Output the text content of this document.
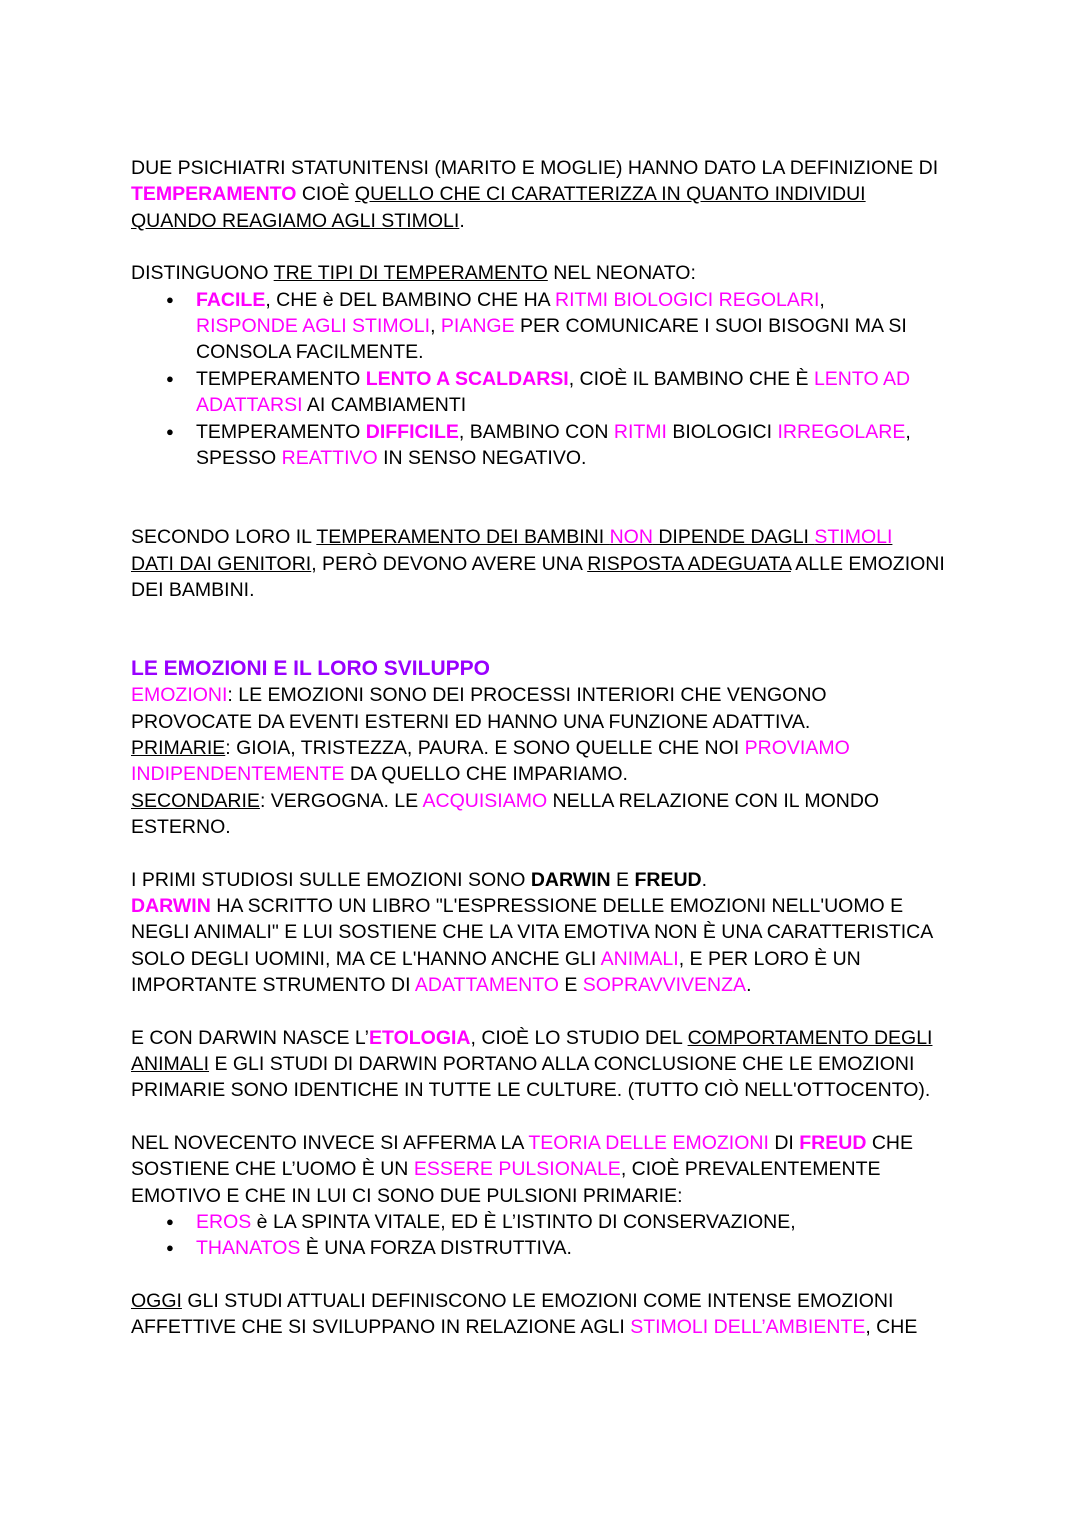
DUE PSICHIATRI STATUNITENSI (MARITO E MOGLIE) HANNO DATO LA DEFINIZIONE DI TEMPERAMENTO CIOÈ QUELLO CHE CI CARATTERIZZA IN QUANTO INDIVIDUI QUANDO REAGIAMO AGLI STIMOLI.

DISTINGUONO TRE TIPI DI TEMPERAMENTO NEL NEONATO:

● FACILE, CHE è DEL BAMBINO CHE HA RITMI BIOLOGICI REGOLARI,
RISPONDE AGLI STIMOLI, PIANGE PER COMUNICARE I SUOI BISOGNI MA SI CONSOLA FACILMENTE.
● TEMPERAMENTO LENTO A SCALDARSI, CIOÈ IL BAMBINO CHE È LENTO AD ADATTARSI AI CAMBIAMENTI
● TEMPERAMENTO DIFFICILE, BAMBINO CON RITMI BIOLOGICI IRREGOLARE, SPESSO REATTIVO IN SENSO NEGATIVO.

SECONDO LORO IL TEMPERAMENTO DEI BAMBINI NON DIPENDE DAGLI STIMOLI
DATI DAI GENITORI, PERÒ DEVONO AVERE UNA RISPOSTA ADEGUATA ALLE EMOZIONI DEI BAMBINI.

LE EMOZIONI E IL LORO SVILUPPO

EMOZIONI: LE EMOZIONI SONO DEI PROCESSI INTERIORI CHE VENGONO PROVOCATE DA EVENTI ESTERNI ED HANNO UNA FUNZIONE ADATTIVA.

PRIMARIE: GIOIA, TRISTEZZA, PAURA. E SONO QUELLE CHE NOI PROVIAMO INDIPENDENTEMENTE DA QUELLO CHE IMPARIAMO.

SECONDARIE: VERGOGNA. LE ACQUISIAMO NELLA RELAZIONE CON IL MONDO ESTERNO.

I PRIMI STUDIOSI SULLE EMOZIONI SONO DARWIN E FREUD.

DARWIN HA SCRITTO UN LIBRO "L'ESPRESSIONE DELLE EMOZIONI NELL'UOMO E NEGLI ANIMALI" E LUI SOSTIENE CHE LA VITA EMOTIVA NON È UNA CARATTERISTICA SOLO DEGLI UOMINI, MA CE L'HANNO ANCHE GLI ANIMALI, E PER LORO È UN IMPORTANTE STRUMENTO DI ADATTAMENTO E SOPRAVVIVENZA.

E CON DARWIN NASCE L’ETOLOGIA, CIOÈ LO STUDIO DEL COMPORTAMENTO DEGLI ANIMALI E GLI STUDI DI DARWIN PORTANO ALLA CONCLUSIONE CHE LE EMOZIONI PRIMARIE SONO IDENTICHE IN TUTTE LE CULTURE. (TUTTO CIÒ NELL'OTTOCENTO).

NEL NOVECENTO INVECE SI AFFERMA LA TEORIA DELLE EMOZIONI DI FREUD CHE SOSTIENE CHE L’UOMO È UN ESSERE PULSIONALE, CIOÈ PREVALENTEMENTE EMOTIVO E CHE IN LUI CI SONO DUE PULSIONI PRIMARIE:

● EROS è LA SPINTA VITALE, ED È L’ISTINTO DI CONSERVAZIONE,
● THANATOS È UNA FORZA DISTRUTTIVA.

OGGI GLI STUDI ATTUALI DEFINISCONO LE EMOZIONI COME INTENSE EMOZIONI AFFETTIVE CHE SI SVILUPPANO IN RELAZIONE AGLI STIMOLI DELL’AMBIENTE, CHE
